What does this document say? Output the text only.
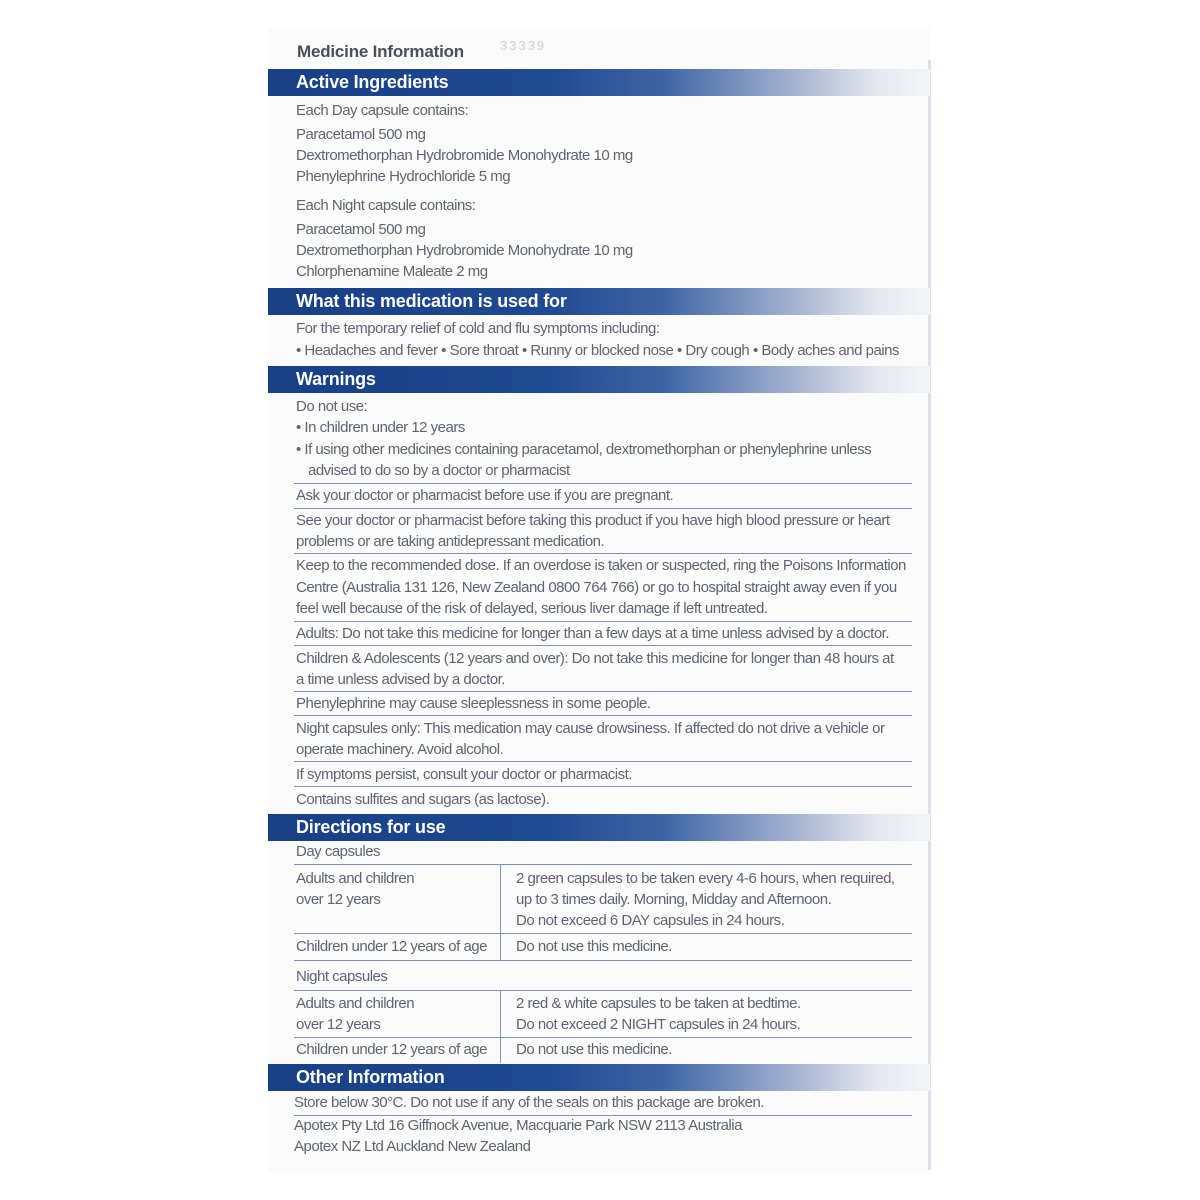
Medicine Information	33339
Active Ingredients
Each Day capsule contains:
Paracetamol 500 mg
Dextromethorphan Hydrobromide Monohydrate 10 mg
Phenylephrine Hydrochloride 5 mg
Each Night capsule contains:
Paracetamol 500 mg
Dextromethorphan Hydrobromide Monohydrate 10 mg
Chlorphenamine Maleate 2 mg
What this medication is used for
For the temporary relief of cold and flu symptoms including:
• Headaches and fever • Sore throat • Runny or blocked nose • Dry cough • Body aches and pains
Warnings
Do not use:
• In children under 12 years
• If using other medicines containing paracetamol, dextromethorphan or phenylephrine unless
advised to do so by a doctor or pharmacist
Ask your doctor or pharmacist before use if you are pregnant.
See your doctor or pharmacist before taking this product if you have high blood pressure or heart
problems or are taking antidepressant medication.
Keep to the recommended dose. If an overdose is taken or suspected, ring the Poisons Information
Centre (Australia 131 126, New Zealand 0800 764 766) or go to hospital straight away even if you
feel well because of the risk of delayed, serious liver damage if left untreated.
Adults: Do not take this medicine for longer than a few days at a time unless advised by a doctor.
Children & Adolescents (12 years and over): Do not take this medicine for longer than 48 hours at
a time unless advised by a doctor.
Phenylephrine may cause sleeplessness in some people.
Night capsules only: This medication may cause drowsiness. If affected do not drive a vehicle or
operate machinery. Avoid alcohol.
If symptoms persist, consult your doctor or pharmacist.
Contains sulfites and sugars (as lactose).
Directions for use
Day capsules
Adults and children
over 12 years
2 green capsules to be taken every 4-6 hours, when required,
up to 3 times daily. Morning, Midday and Afternoon.
Do not exceed 6 DAY capsules in 24 hours.
Children under 12 years of age Do not use this medicine.
Night capsules
Adults and children
over 12 years
2 red & white capsules to be taken at bedtime.
Do not exceed 2 NIGHT capsules in 24 hours.
Children under 12 years of age Do not use this medicine.
Other Information
Store below 30°C. Do not use if any of the seals on this package are broken.
Apotex Pty Ltd 16 Giffnock Avenue, Macquarie Park NSW 2113 Australia
Apotex NZ Ltd Auckland New Zealand
